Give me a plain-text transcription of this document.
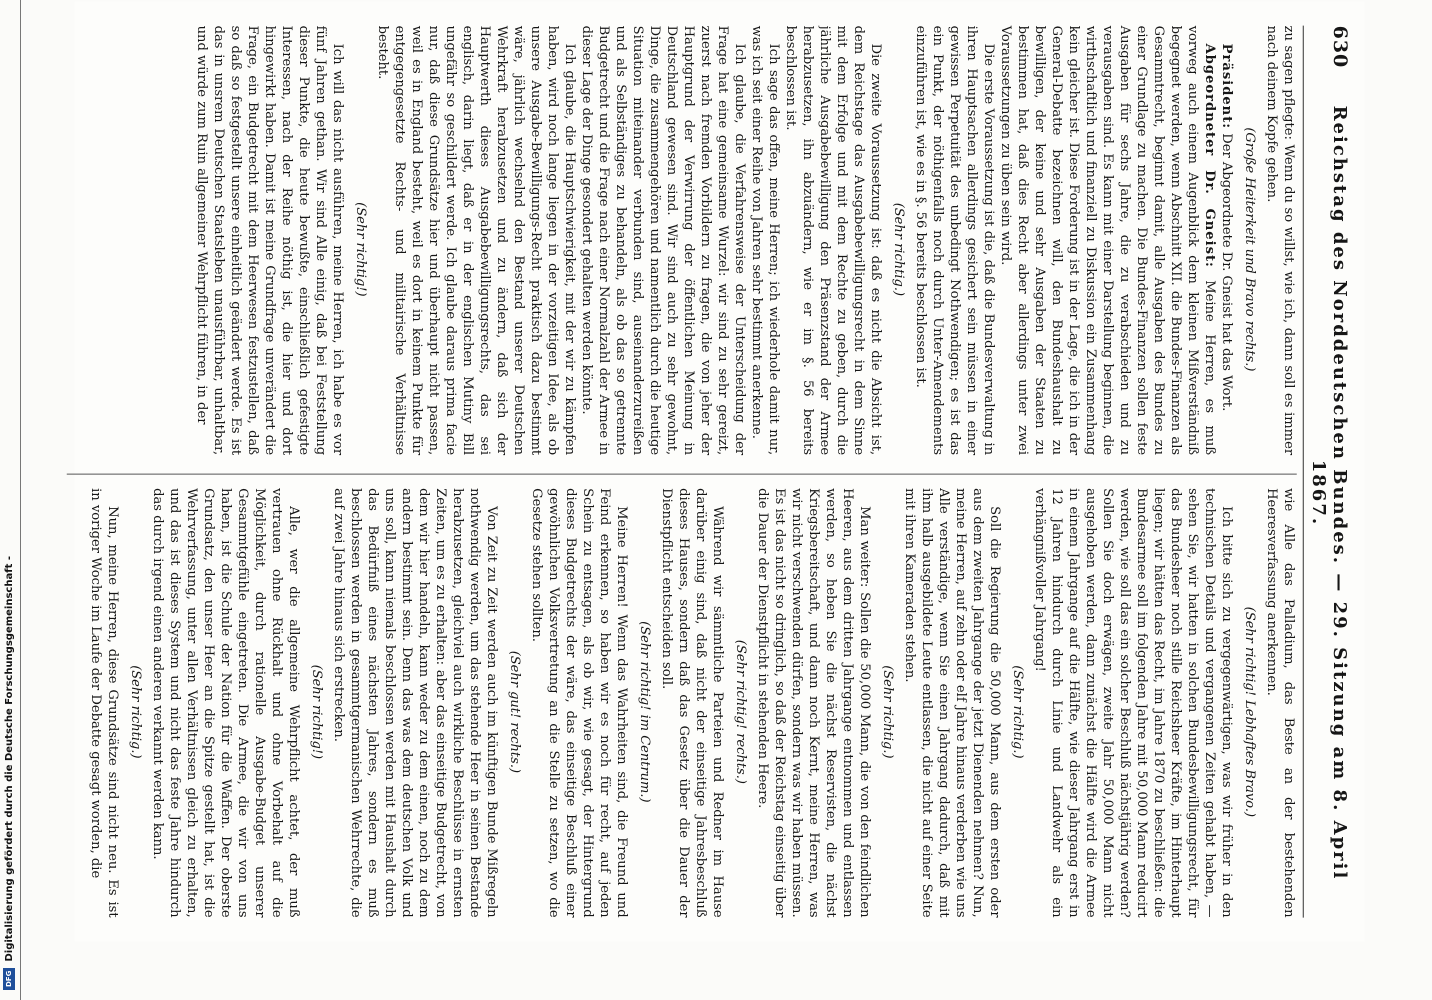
Digitalisierung gefördert durch die Deutsche Forschungsgemeinschaft -
DFG
630
Reichstag des Norddeutschen Bundes. — 29. Sitzung am 8. April 1867.

zu sagen pflegte: Wenn du so willst, wie ich, dann soll es immer nach deinem Kopfe gehen.

(Große Heiterkeit und Bravo rechts.)

Präsident: Der Abgeordnete Dr. Gneist hat das Wort.

Abgeordneter Dr. Gneist: Meine Herren, es muß vorweg auch einem Augenblick dem kleinen Mißverständniß begegnet werden, wenn Abschnitt XII. die Bundes-Finanzen als Gesammtrecht, beginnt damit, alle Ausgaben des Bundes zu einer Grundlage zu machen. Die Bundes-Finanzen sollen feste Ausgaben für sechs Jahre, die zu verabschieden und zu verausgaben sind. Es kann mit einer Darstellung beginnen, die wirthschaftlich und finanziell zu Diskussion ein Zusammenhang kein gleicher ist. Diese Forderung ist in der Lage, die ich in der General-Debatte bezeichnen will, den Bundeshaushalt zu bewilligen, der keine und sehr Ausgaben der Staaten zu bestimmen hat, daß dies Recht aber allerdings unter zwei Voraussetzungen zu üben sein wird.

Die erste Voraussetzung ist die, daß die Bundesverwaltung in ihren Hauptsachen allerdings gesichert sein müssen in einer gewissen Perpetuität des unbedingt Nothwendigen; es ist das ein Punkt, der nöthigenfalls noch durch Unter-Amendements einzuführen ist, wie es in §. 56 bereits beschlossen ist.

(Sehr richtig.)

Die zweite Voraussetzung ist: daß es nicht die Absicht ist, dem Reichstage das Ausgabebewilligungsrecht in dem Sinne mit dem Erfolge und mit dem Rechte zu geben, durch die jährliche Ausgabebewilligung den Präsenzstand der Armee herabzusetzen, ihn abzuändern, wie er im §. 56 bereits beschlossen ist.

Ich sage das offen, meine Herren; ich wiederhole damit nur, was ich seit einer Reihe von Jahren sehr bestimmt anerkenne.

Ich glaube, die Verfahrensweise der Unterscheidung der Frage hat eine gemeinsame Wurzel: wir sind zu sehr gereizt, zuerst nach fremden Vorbildern zu fragen, die von jeher der Hauptgrund der Verwirrung der öffentlichen Meinung in Deutschland gewesen sind. Wir sind auch zu sehr gewohnt, Dinge, die zusammengehören und namentlich durch die heutige Situation miteinander verbunden sind, auseinanderzureißen und als Selbständiges zu behandeln, als ob das so getrennte Budgetrecht und die Frage nach einer Normalzahl der Armee in dieser Lage der Dinge gesondert gehalten werden könnte.

Ich glaube, die Hauptschwierigkeit, mit der wir zu kämpfen haben, wird noch lange liegen in der vorzeitigen Idee, als ob unsere Ausgabe-Bewilligungs-Recht praktisch dazu bestimmt wäre, jährlich wechselnd den Bestand unserer Deutschen Wehrkraft herabzusetzen und zu ändern, daß sich der Hauptwerth dieses Ausgabebewilligungsrechts, das sei englisch, darin liegt, daß er in der englischen Mutiny Bill ungefähr so geschildert werde. Ich glaube daraus prima facie nur, daß diese Grundsätze hier und überhaupt nicht passen, weil es in England besteht, weil es dort in keinem Punkte für entgegengesetzte Rechts- und militairische Verhältnisse besteht.

(Sehr richtig!)

Ich will das nicht ausführen, meine Herren, ich habe es vor fünf Jahren gethan. Wir sind Alle einig, daß bei Feststellung dieser Punkte, die heute bewußte, einschließlich gefestigte Interessen, nach der Reihe nöthig ist, die hier und dort hingewirkt haben. Damit ist meine Grundfrage unverändert die Frage, ein Budgetrecht mit dem Heerwesen festzustellen, daß so daß so festgestellt unsere einheitlich geändert werde. Es ist das in unsrem Deutschen Staatsleben unausführbar, unhaltbar, und würde zum Ruin allgemeiner Wehrpflicht führen, in der

wie Alle das Palladium, das Beste an der bestehenden Heeresverfassung anerkennen.

(Sehr richtig! Lebhaftes Bravo.)

Ich bitte sich zu vergegenwärtigen, was wir früher in den technischen Details und vergangenen Zeiten gehabt haben, — sehen Sie, wir hatten in solchen Bundesbewilligungsrecht, für das Bundesheer noch stille Reichsheer Kräfte, im Hinterhaupt liegen; wir hätten das Recht, im Jahre 1870 zu beschließen: die Bundesarmee soll im folgenden Jahre mit 50,000 Mann reducirt werden, wie soll das ein solcher Beschluß nächstjährig werden? Sollen Sie doch erwägen, zweite Jahr 50,000 Mann nicht ausgehoben werden, dann zunächst die Hälfte wird die Armee in einem Jahrgange auf die Hälfte, wie dieser Jahrgang erst in 12 Jahren hindurch durch Linie und Landwehr als ein verhängnißvoller Jahrgang!

(Sehr richtig.)

Soll die Regierung die 50,000 Mann, aus dem ersten oder aus dem zweiten Jahrgange der jetzt Dienenden nehmen? Nun, meine Herren, auf zehn oder elf Jahre hinaus verderben wie uns Alle verständige, wenn Sie einen Jahrgang dadurch, daß mit ihm halb ausgebildete Leute entlassen, die nicht auf einer Seite mit ihren Kameraden stehen.

(Sehr richtig.)

Man weiter: Sollen die 50,000 Mann, die von den feindlichen Heeren, aus dem dritten Jahrgange entnommen und entlassen werden, so heben Sie die nächst Reservisten, die nächst Kriegsbereitschaft, und dann noch Kernt, meine Herren, was wir nicht verschwenden dürfen, sondern was wir haben müssen. Es ist das nicht so dringlich, so daß der Reichstag einseitig über die Dauer der Dienstpflicht in stehenden Heere.

(Sehr richtig! rechts.)

Während wir sämmtliche Parteien und Redner im Hause darüber einig sind, daß nicht der einseitige Jahresbeschluß dieses Hauses, sondern daß das Gesetz über die Dauer der Dienstpflicht entscheiden soll.

(Sehr richtig! im Centrum.)

Meine Herren! Wenn das Wahrheiten sind, die Freund und Feind erkennen, so haben wir es noch für recht, auf jeden Schein zu entsagen, als ob wir, wie gesagt, der Hintergrund dieses Budgetrechts der wäre, das einseitige Beschluß einer gewöhnlichen Volksvertretung an die Stelle zu setzen, wo die Gesetze stehen sollten.

(Sehr gut! rechts.)

Von Zeit zu Zeit werden auch im künftigen Bunde Mißregeln nothwendig werden, um das stehende Heer in seinen Bestande herabzusetzen, gleichviel auch wirkliche Beschlüsse in ernsten Zeiten, um es zu erhalten: aber das einseitige Budgetrecht, von dem wir hier handeln, kann weder zu dem einen, noch zu dem andern bestimmt sein. Denn das was dem deutschen Volk und uns soll, kann niemals beschlossen werden mit Haushalt durch das Bedürfniß eines nächsten Jahres, sondern es muß beschlossen werden in gesammtgermanischen Wehrrechte, die auf zwei Jahre hinaus sich erstrecken.

(Sehr richtig!)

Alle, wer die allgemeine Wehrpflicht achtet, der muß vertrauen ohne Rückhalt und ohne Vorbehalt auf die Möglichkeit, durch rationelle Ausgabe-Budget unserer Gesammtgefühle eingetreten. Die Armee, die wir von uns haben, ist die Schule der Nation für die Waffen. Der oberste Grundsatz, den unser Heer an die Spitze gestellt hat, ist die Wehrverfassung, unter allen Verhältnissen gleich zu erhalten, und das ist dieses System und nicht das feste Jahre hindurch das durch irgend einen anderen verkannt werden kann.

(Sehr richtig.)

Nun, meine Herren, diese Grundsätze sind nicht neu. Es ist in voriger Woche im Laufe der Debatte gesagt worden, die
